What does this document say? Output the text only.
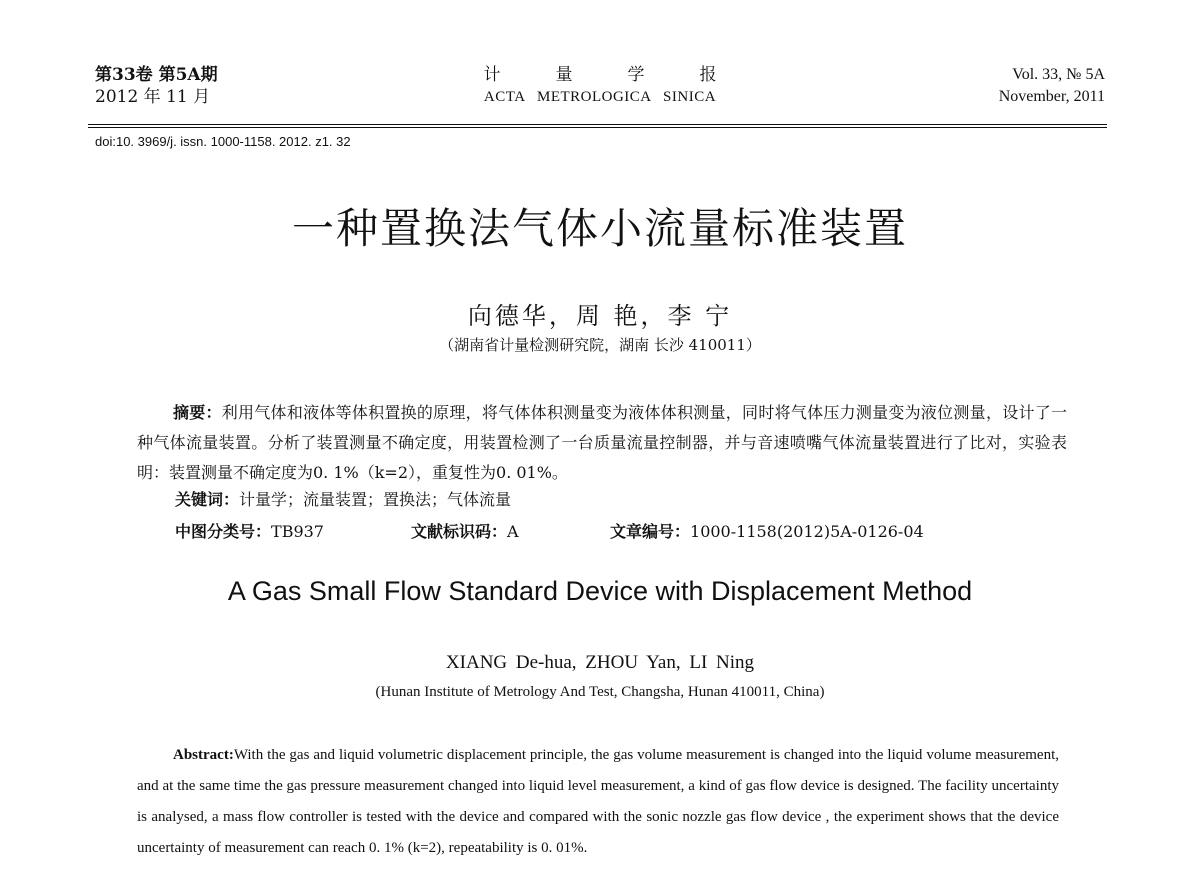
第33卷 第5A期
2012 年 11 月
计	量	学	报
ACTA METROLOGICA SINICA
Vol. 33, № 5A
November, 2011
doi:10. 3969/j. issn. 1000-1158. 2012. z1. 32
一种置换法气体小流量标准装置
向德华，周 艳，李 宁
（湖南省计量检测研究院，湖南 长沙 410011）
摘要：利用气体和液体等体积置换的原理，将气体体积测量变为液体体积测量，同时将气体压力测量变为液位测量，设计了一种气体流量装置。分析了装置测量不确定度，用装置检测了一台质量流量控制器，并与音速喷嘴气体流量装置进行了比对，实验表明：装置测量不确定度为0. 1%（k=2），重复性为0. 01%。
关键词：计量学；流量装置；置换法；气体流量
中图分类号：TB937	文献标识码：A	文章编号：1000-1158(2012)5A-0126-04
A Gas Small Flow Standard Device with Displacement Method
XIANG De-hua, ZHOU Yan, LI Ning
(Hunan Institute of Metrology And Test, Changsha, Hunan 410011, China)
Abstract:With the gas and liquid volumetric displacement principle, the gas volume measurement is changed into the liquid volume measurement, and at the same time the gas pressure measurement changed into liquid level measurement, a kind of gas flow device is designed. The facility uncertainty is analysed, a mass flow controller is tested with the device and compared with the sonic nozzle gas flow device , the experiment shows that the device uncertainty of measurement can reach 0. 1% (k=2), repeatability is 0. 01%.
